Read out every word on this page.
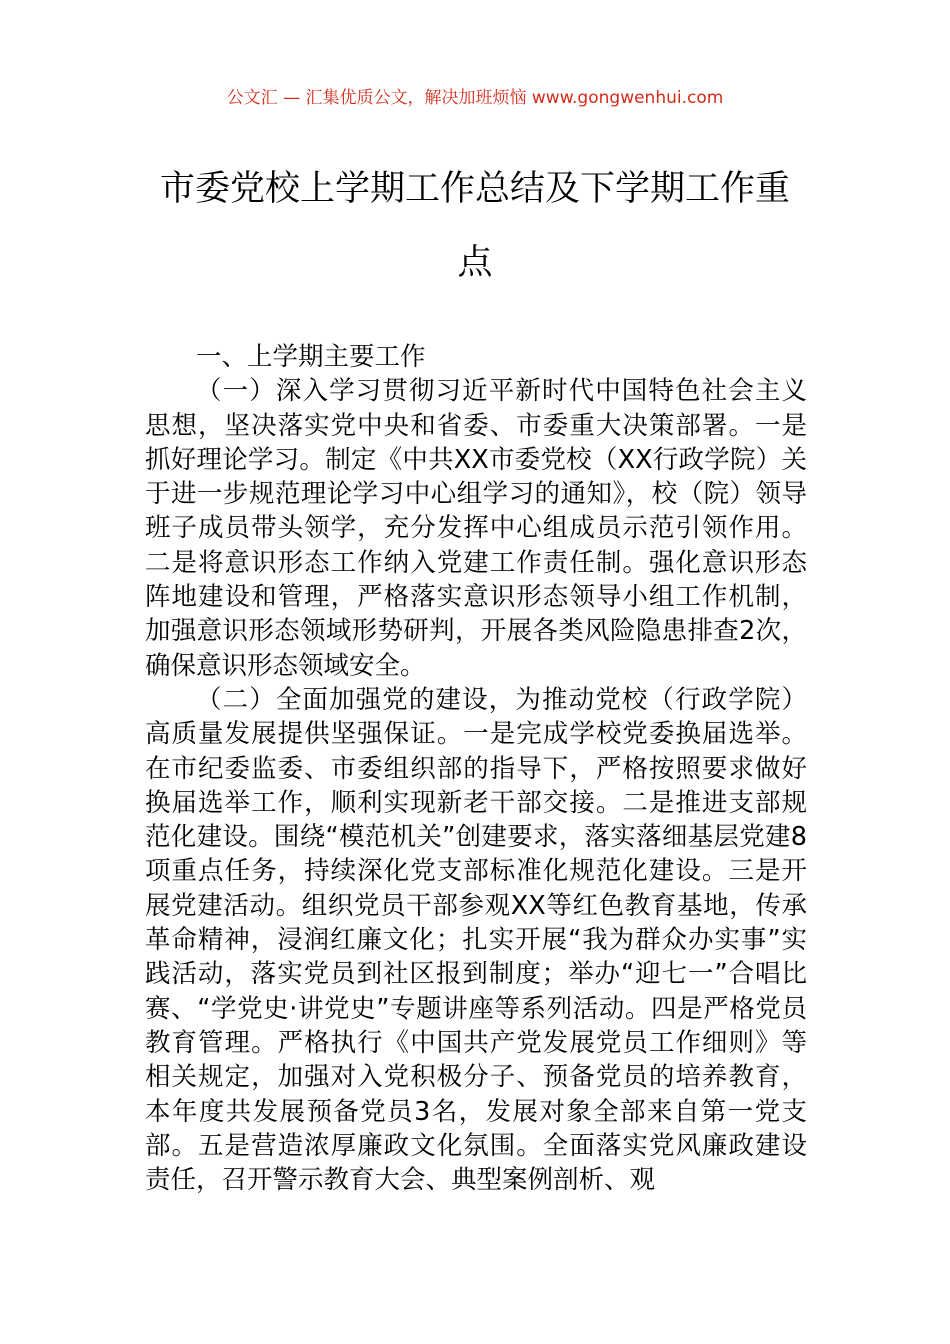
公文汇 — 汇集优质公文，解决加班烦恼 www.gongwenhui.com
市委党校上学期工作总结及下学期工作重点

一、上学期主要工作

（一）深入学习贯彻习近平新时代中国特色社会主义思想，坚决落实党中央和省委、市委重大决策部署。一是抓好理论学习。制定《中共XX市委党校（XX行政学院）关于进一步规范理论学习中心组学习的通知》，校（院）领导班子成员带头领学，充分发挥中心组成员示范引领作用。二是将意识形态工作纳入党建工作责任制。强化意识形态阵地建设和管理，严格落实意识形态领导小组工作机制，加强意识形态领域形势研判，开展各类风险隐患排查2次，确保意识形态领域安全。

（二）全面加强党的建设，为推动党校（行政学院）高质量发展提供坚强保证。一是完成学校党委换届选举。在市纪委监委、市委组织部的指导下，严格按照要求做好换届选举工作，顺利实现新老干部交接。二是推进支部规范化建设。围绕“模范机关”创建要求，落实落细基层党建8项重点任务，持续深化党支部标准化规范化建设。三是开展党建活动。组织党员干部参观XX等红色教育基地，传承革命精神，浸润红廉文化；扎实开展“我为群众办实事”实践活动，落实党员到社区报到制度；举办“迎七一”合唱比赛、“学党史·讲党史”专题讲座等系列活动。四是严格党员教育管理。严格执行《中国共产党发展党员工作细则》等相关规定，加强对入党积极分子、预备党员的培养教育，本年度共发展预备党员3名，发展对象全部来自第一党支部。五是营造浓厚廉政文化氛围。全面落实党风廉政建设责任，召开警示教育大会、典型案例剖析、观
